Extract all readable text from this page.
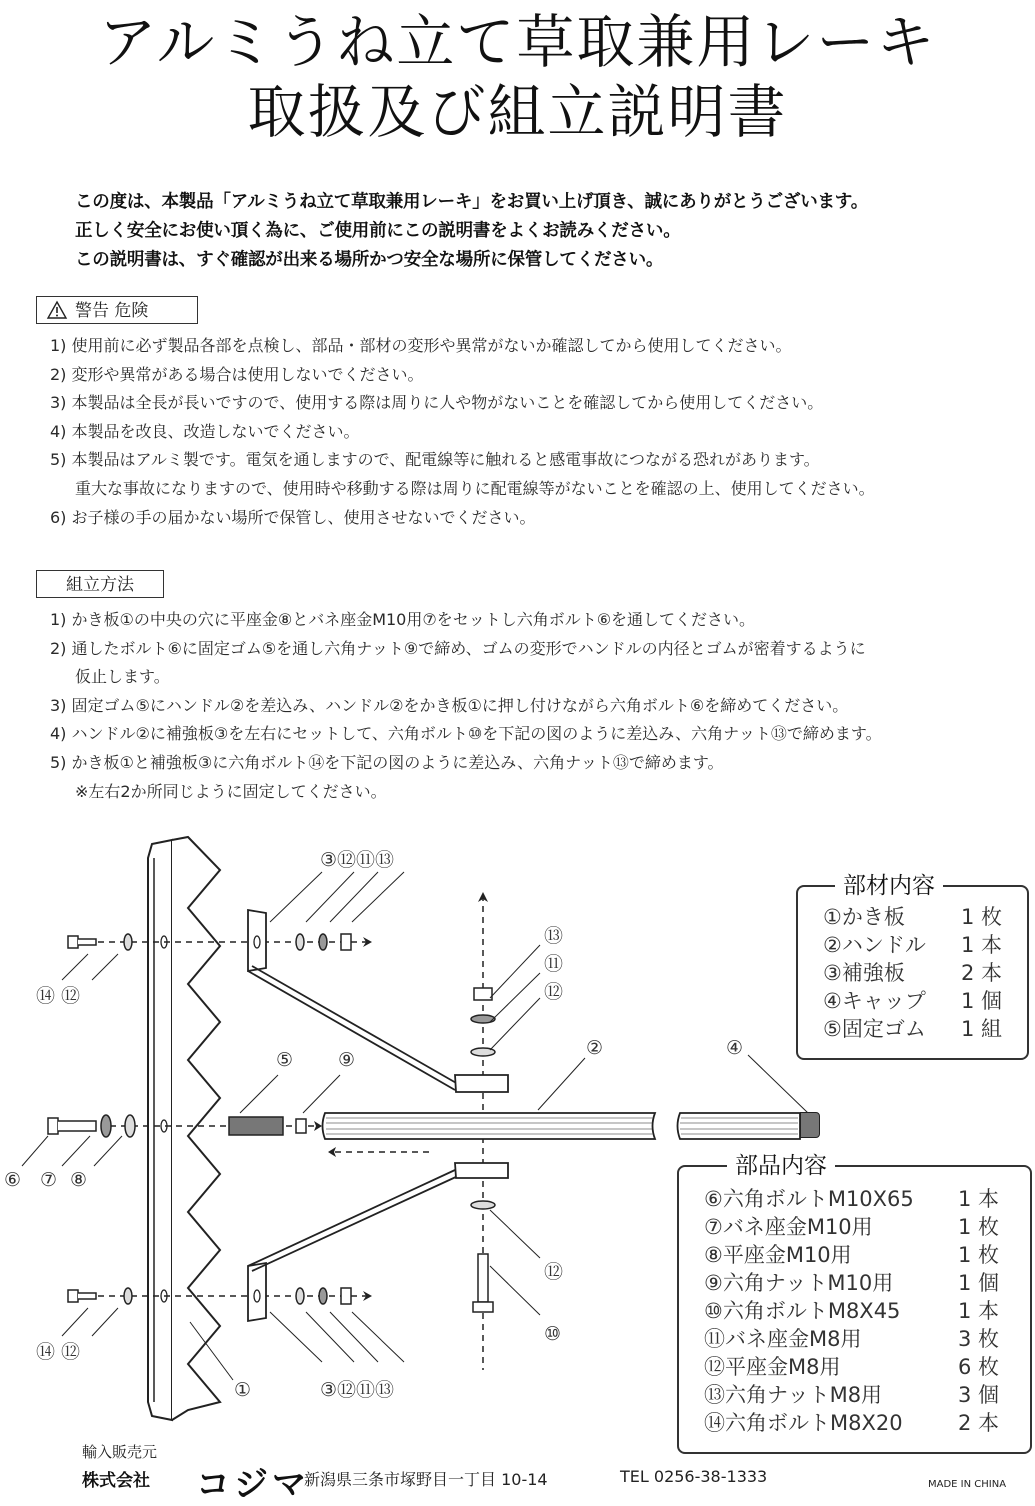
アルミうね立て草取兼用レーキ
取扱及び組立説明書
この度は、本製品「アルミうね立て草取兼用レーキ」をお買い上げ頂き、誠にありがとうございます。
正しく安全にお使い頂く為に、ご使用前にこの説明書をよくお読みください。
この説明書は、すぐ確認が出来る場所かつ安全な場所に保管してください。
警告 危険
1) 使用前に必ず製品各部を点検し、部品・部材の変形や異常がないか確認してから使用してください。
2) 変形や異常がある場合は使用しないでください。
3) 本製品は全長が長いですので、使用する際は周りに人や物がないことを確認してから使用してください。
4) 本製品を改良、改造しないでください。
5) 本製品はアルミ製です。電気を通しますので、配電線等に触れると感電事故につながる恐れがあります。
重大な事故になりますので、使用時や移動する際は周りに配電線等がないことを確認の上、使用してください。
6) お子様の手の届かない場所で保管し、使用させないでください。
組立方法
1) かき板①の中央の穴に平座金⑧とバネ座金M10用⑦をセットし六角ボルト⑥を通してください。
2) 通したボルト⑥に固定ゴム⑤を通し六角ナット⑨で締め、ゴムの変形でハンドルの内径とゴムが密着するように
仮止します。
3) 固定ゴム⑤にハンドル②を差込み、ハンドル②をかき板①に押し付けながら六角ボルト⑥を締めてください。
4) ハンドル②に補強板③を左右にセットして、六角ボルト⑩を下記の図のように差込み、六角ナット⑬で締めます。
5) かき板①と補強板③に六角ボルト⑭を下記の図のように差込み、六角ナット⑬で締めます。
※左右2か所同じように固定してください。
③⑫⑪⑬
⑭ ⑫
⑥ ⑦ ⑧
⑤ ⑨
②	④
⑬
⑪
⑫
⑫
⑩
⑭ ⑫
①	③⑫⑪⑬
部材内容
①かき板	1 枚
②ハンドル 1 本
③補強板	2 本
④キャップ 1 個
⑤固定ゴム 1 組
部品内容
⑥六角ボルトM10X65 1 本
⑦バネ座金M10用	1 枚
⑧平座金M10用	1 枚
⑨六角ナットM10用	1 個
⑩六角ボルトM8X45	1 本
⑪バネ座金M8用	3 枚
⑫平座金M8用	6 枚
⑬六角ナットM8用	3 個
⑭六角ボルトM8X20	2 本
輸入販売元
株式会社 コジマ
新潟県三条市塚野目一丁目 10-14	TEL 0256-38-1333	MADE IN CHINA
